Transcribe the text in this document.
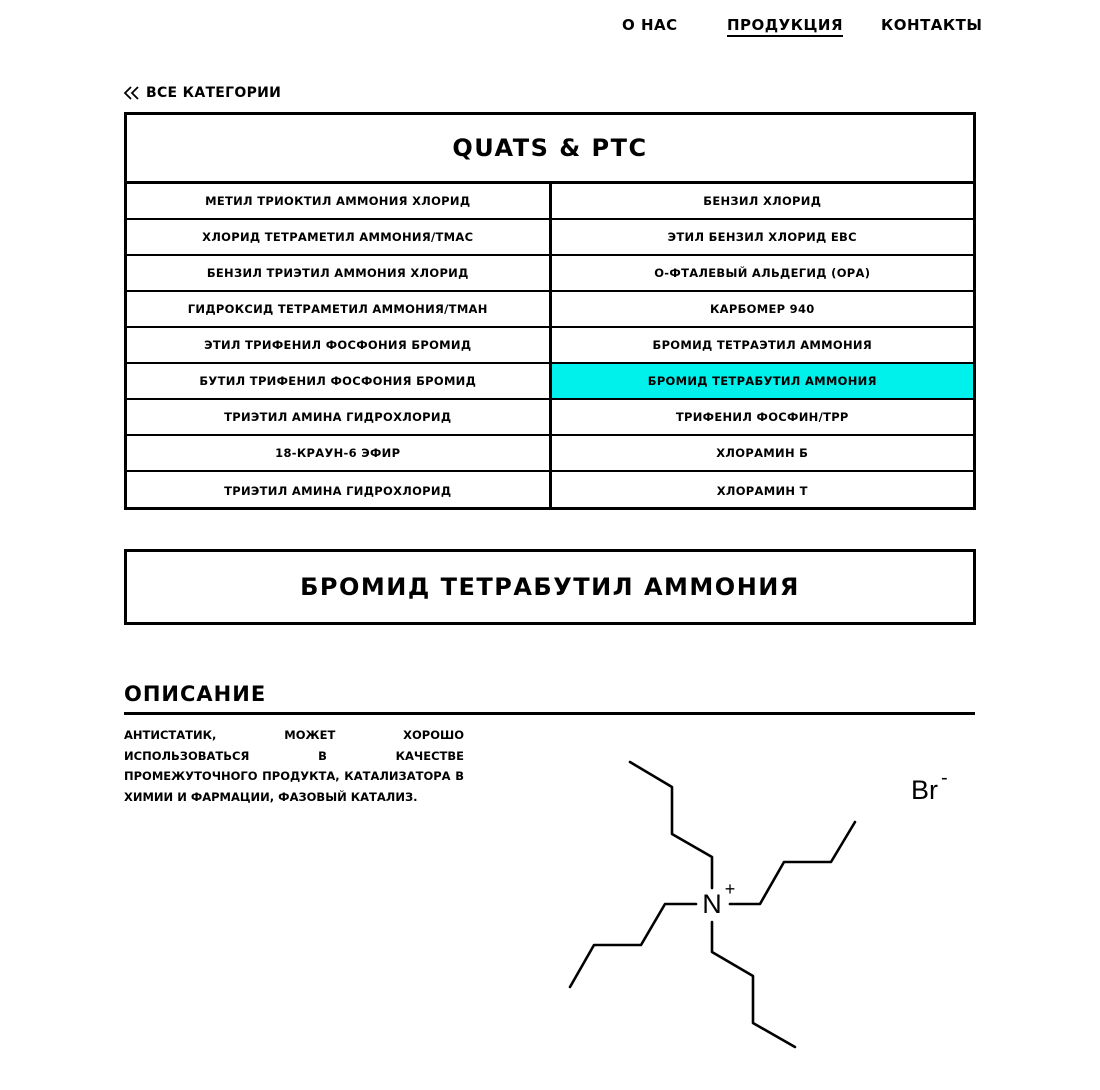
О НАС	ПРОДУКЦИЯ	КОНТАКТЫ
ВСЕ КАТЕГОРИИ
QUATS & PTC
МЕТИЛ ТРИОКТИЛ АММОНИЯ ХЛОРИД	БЕНЗИЛ ХЛОРИД
ХЛОРИД ТЕТРАМЕТИЛ АММОНИЯ/ТМАС	ЭТИЛ БЕНЗИЛ ХЛОРИД ЕВС
БЕНЗИЛ ТРИЭТИЛ АММОНИЯ ХЛОРИД	О-ФТАЛЕВЫЙ АЛЬДЕГИД (ОРА)
ГИДРОКСИД ТЕТРАМЕТИЛ АММОНИЯ/ТМАН	КАРБОМЕР 940
ЭТИЛ ТРИФЕНИЛ ФОСФОНИЯ БРОМИД	БРОМИД ТЕТРАЭТИЛ АММОНИЯ
БУТИЛ ТРИФЕНИЛ ФОСФОНИЯ БРОМИД	БРОМИД ТЕТРАБУТИЛ АММОНИЯ
ТРИЭТИЛ АМИНА ГИДРОХЛОРИД	ТРИФЕНИЛ ФОСФИН/TPP
18-КРАУН-6 ЭФИР	ХЛОРАМИН Б
ТРИЭТИЛ АМИНА ГИДРОХЛОРИД	ХЛОРАМИН Т
БРОМИД ТЕТРАБУТИЛ АММОНИЯ
ОПИСАНИЕ
АНТИСТАТИК, МОЖЕТ ХОРОШО ИСПОЛЬЗОВАТЬСЯ В КАЧЕСТВЕ ПРОМЕЖУТОЧНОГО ПРОДУКТА, КАТАЛИЗАТОРА В ХИМИИ И ФАРМАЦИИ, ФАЗОВЫЙ КАТАЛИЗ.
N +
Br -
